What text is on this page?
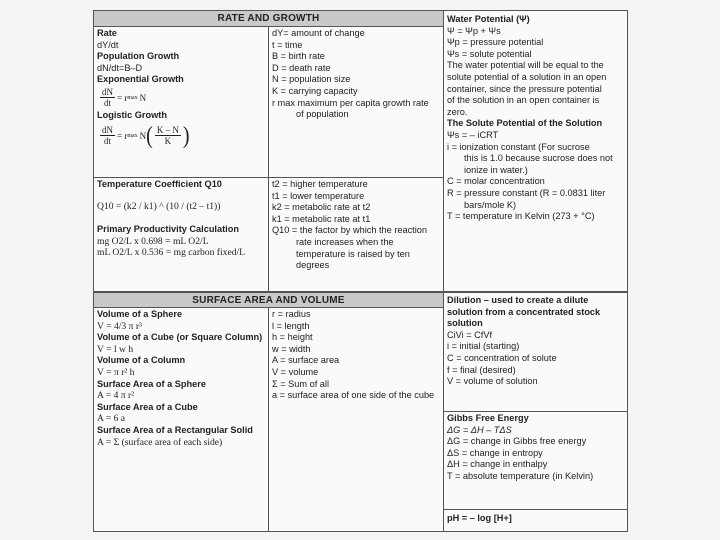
RATE AND GROWTH
SURFACE AREA AND VOLUME
Rate
dY/dt
Population Growth
dN/dt=B–D
Exponential Growth
$\frac{dN}{dt} = r$ max N
Logistic Growth
$\frac{dN}{dt} = r$ max N ( $\frac{K - N}{K}$ )
dY= amount of change
t = time
B = birth rate
D = death rate
N = population size
K = carrying capacity
r max maximum per capita growth rate
of population
Temperature Coefficient Q10
Q10 = (k2 / k1) ^ (10 / (t2 – t1))
Primary Productivity Calculation
mg O2/L x 0.698 = mL O2/L
mL O2/L x 0.536 = mg carbon fixed/L
t2 = higher temperature
t1 = lower temperature
k2 = metabolic rate at t2
k1 = metabolic rate at t1
Q10 = the factor by which the reaction
rate increases when the
temperature is raised by ten
degrees
Water Potential (Ψ)
Ψ = Ψp + Ψs
Ψp = pressure potential
Ψs = solute potential
The water potential will be equal to the
solute potential of a solution in an open
container, since the pressure potential
of the solution in an open container is
zero.
The Solute Potential of the Solution
Ψs = – iCRT
i = ionization constant (For sucrose
this is 1.0 because sucrose does not
ionize in water.)
C = molar concentration
R = pressure constant (R = 0.0831 liter
bars/mole K)
T = temperature in Kelvin (273 + °C)
Volume of a Sphere
V = 4/3 π r³
Volume of a Cube (or Square Column)
V = l w h
Volume of a Column
V = π r² h
Surface Area of a Sphere
A = 4 π r²
Surface Area of a Cube
A = 6 a
Surface Area of a Rectangular Solid
A = Σ (surface area of each side)
r = radius
l = length
h = height
w = width
A = surface area
V = volume
Σ = Sum of all
a = surface area of one side of the cube
Dilution – used to create a dilute
solution from a concentrated stock
solution
CiVi = CfVf
i = initial (starting)
C = concentration of solute
f = final (desired)
V = volume of solution
Gibbs Free Energy
ΔG = ΔH – TΔS
ΔG = change in Gibbs free energy
ΔS = change in entropy
ΔH = change in enthalpy
T = absolute temperature (in Kelvin)
pH = – log [H+]
